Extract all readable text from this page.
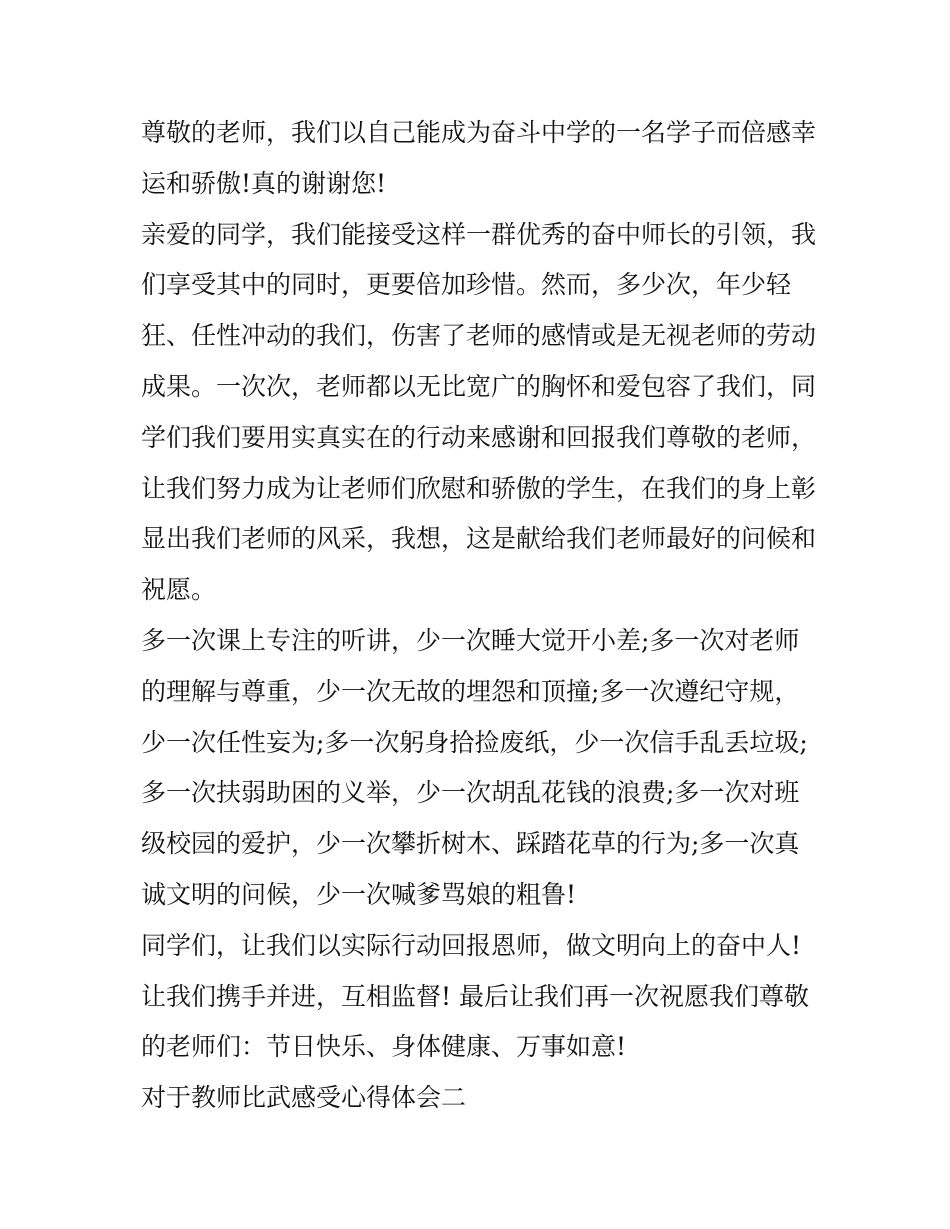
尊敬的老师，我们以自己能成为奋斗中学的一名学子而倍感幸
运和骄傲!真的谢谢您!
亲爱的同学，我们能接受这样一群优秀的奋中师长的引领，我
们享受其中的同时，更要倍加珍惜。然而，多少次，年少轻
狂、任性冲动的我们，伤害了老师的感情或是无视老师的劳动
成果。一次次，老师都以无比宽广的胸怀和爱包容了我们，同
学们我们要用实真实在的行动来感谢和回报我们尊敬的老师，
让我们努力成为让老师们欣慰和骄傲的学生，在我们的身上彰
显出我们老师的风采，我想，这是献给我们老师最好的问候和
祝愿。
多一次课上专注的听讲，少一次睡大觉开小差;多一次对老师
的理解与尊重，少一次无故的埋怨和顶撞;多一次遵纪守规，
少一次任性妄为;多一次躬身拾捡废纸，少一次信手乱丢垃圾;
多一次扶弱助困的义举，少一次胡乱花钱的浪费;多一次对班
级校园的爱护，少一次攀折树木、踩踏花草的行为;多一次真
诚文明的问候，少一次喊爹骂娘的粗鲁!
同学们，让我们以实际行动回报恩师，做文明向上的奋中人!
让我们携手并进，互相监督! 最后让我们再一次祝愿我们尊敬
的老师们：节日快乐、身体健康、万事如意!
对于教师比武感受心得体会二
